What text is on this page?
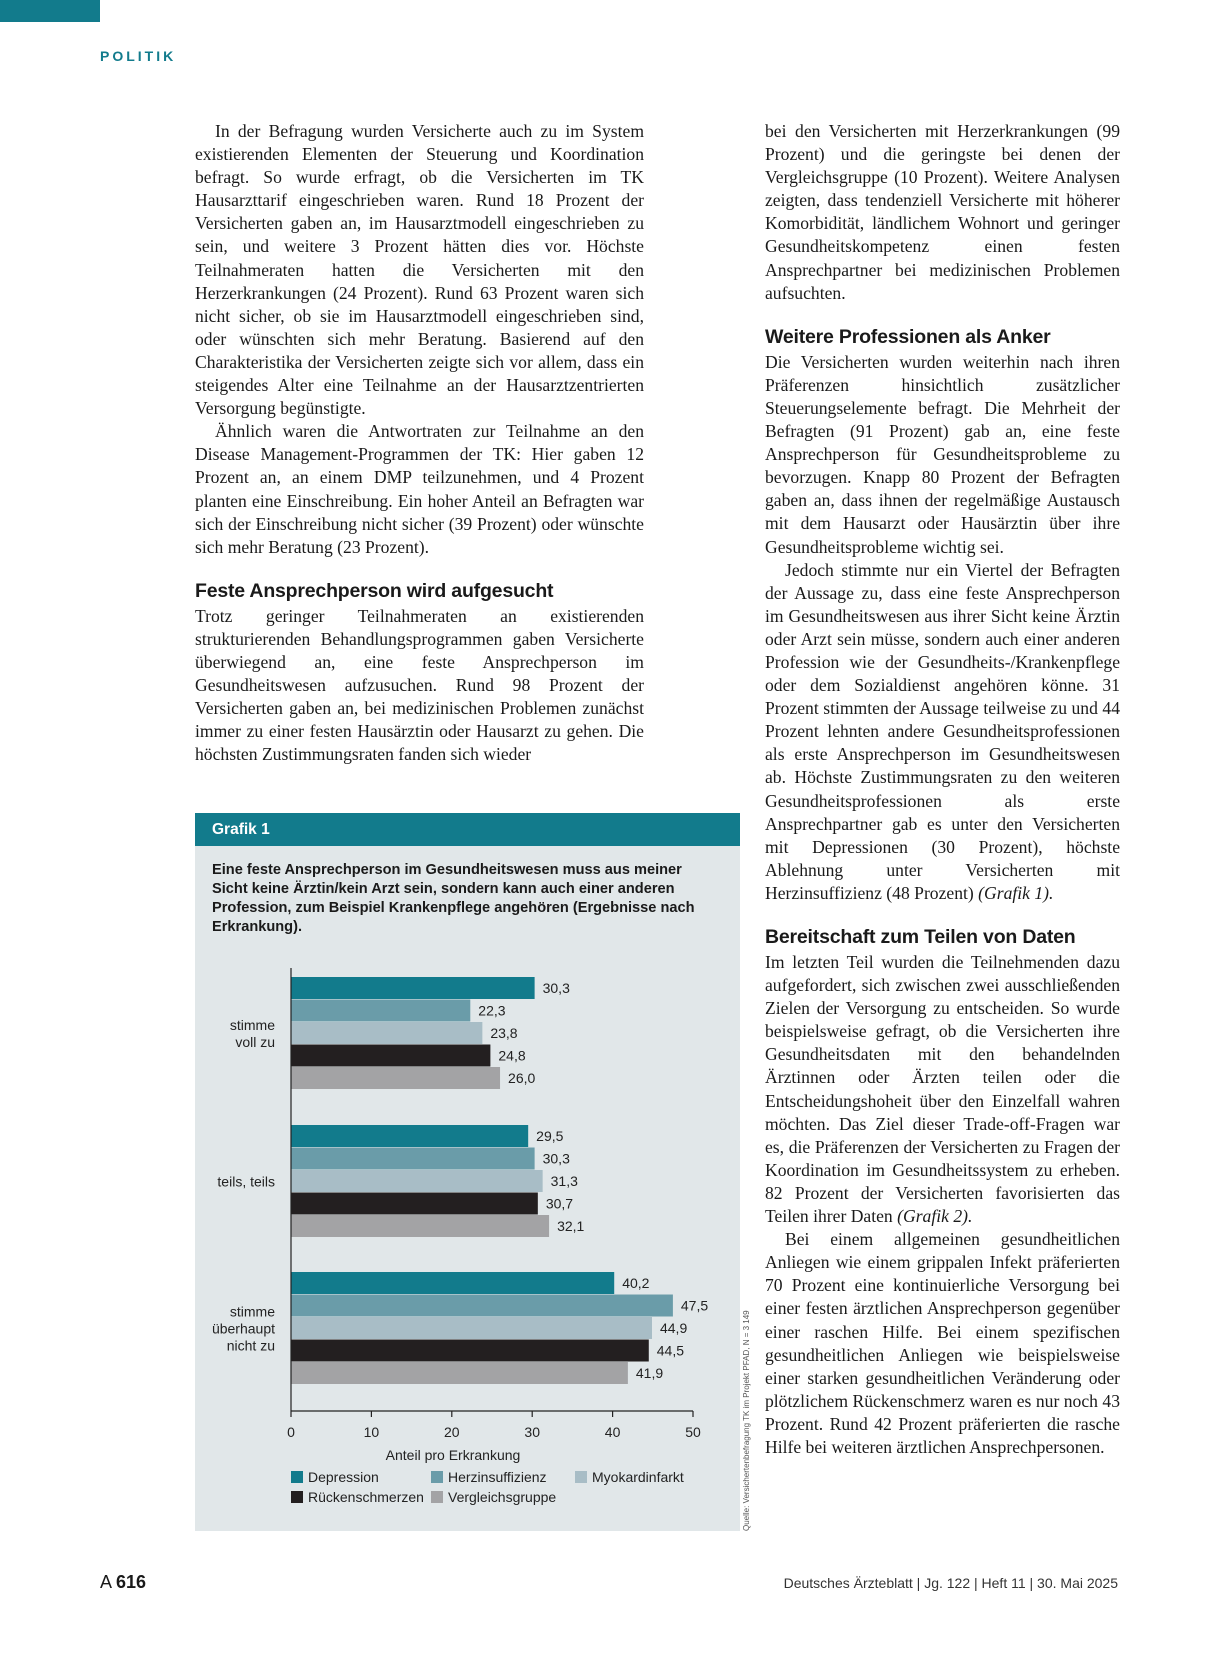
POLITIK

In der Befragung wurden Versicherte auch zu im System existierenden Elementen der Steuerung und Koordination befragt. So wurde erfragt, ob die Versicherten im TK Hausarzttarif eingeschrieben waren. Rund 18 Prozent der Versicherten gaben an, im Hausarztmodell eingeschrieben zu sein, und weitere 3 Prozent hätten dies vor. Höchste Teilnahmeraten hatten die Versicherten mit den Herzerkrankungen (24 Prozent). Rund 63 Prozent waren sich nicht sicher, ob sie im Hausarztmodell eingeschrieben sind, oder wünschten sich mehr Beratung. Basierend auf den Charakteristika der Versicherten zeigte sich vor allem, dass ein steigendes Alter eine Teilnahme an der Hausarztzentrierten Versorgung begünstigte.

Ähnlich waren die Antwortraten zur Teilnahme an den Disease Management-Programmen der TK: Hier gaben 12 Prozent an, an einem DMP teilzunehmen, und 4 Prozent planten eine Einschreibung. Ein hoher Anteil an Befragten war sich der Einschreibung nicht sicher (39 Prozent) oder wünschte sich mehr Beratung (23 Prozent).

Feste Ansprechperson wird aufgesucht

Trotz geringer Teilnahmeraten an existierenden strukturierenden Behandlungsprogrammen gaben Versicherte überwiegend an, eine feste Ansprechperson im Gesundheitswesen aufzusuchen. Rund 98 Prozent der Versicherten gaben an, bei medizinischen Problemen zunächst immer zu einer festen Hausärztin oder Hausarzt zu gehen. Die höchsten Zustimmungsraten fanden sich wieder

bei den Versicherten mit Herzerkrankungen (99 Prozent) und die geringste bei denen der Vergleichsgruppe (10 Prozent). Weitere Analysen zeigten, dass tendenziell Versicherte mit höherer Komorbidität, ländlichem Wohnort und geringer Gesundheitskompetenz einen festen Ansprechpartner bei medizinischen Problemen aufsuchten.

Weitere Professionen als Anker

Die Versicherten wurden weiterhin nach ihren Präferenzen hinsichtlich zusätzlicher Steuerungselemente befragt. Die Mehrheit der Befragten (91 Prozent) gab an, eine feste Ansprechperson für Gesundheitsprobleme zu bevorzugen. Knapp 80 Prozent der Befragten gaben an, dass ihnen der regelmäßige Austausch mit dem Hausarzt oder Hausärztin über ihre Gesundheitsprobleme wichtig sei.

Jedoch stimmte nur ein Viertel der Befragten der Aussage zu, dass eine feste Ansprechperson im Gesundheitswesen aus ihrer Sicht keine Ärztin oder Arzt sein müsse, sondern auch einer anderen Profession wie der Gesundheits-/Krankenpflege oder dem Sozialdienst angehören könne. 31 Prozent stimmten der Aussage teilweise zu und 44 Prozent lehnten andere Gesundheitsprofessionen als erste Ansprechperson im Gesundheitswesen ab. Höchste Zustimmungsraten zu den weiteren Gesundheitsprofessionen als erste Ansprechpartner gab es unter den Versicherten mit Depressionen (30 Prozent), höchste Ablehnung unter Versicherten mit Herzinsuffizienz (48 Prozent) (Grafik 1).

Bereitschaft zum Teilen von Daten

Im letzten Teil wurden die Teilnehmenden dazu aufgefordert, sich zwischen zwei ausschließenden Zielen der Versorgung zu entscheiden. So wurde beispielsweise gefragt, ob die Versicherten ihre Gesundheitsdaten mit den behandelnden Ärztinnen oder Ärzten teilen oder die Entscheidungshoheit über den Einzelfall wahren möchten. Das Ziel dieser Trade-off-Fragen war es, die Präferenzen der Versicherten zu Fragen der Koordination im Gesundheitssystem zu erheben. 82 Prozent der Versicherten favorisierten das Teilen ihrer Daten (Grafik 2).

Bei einem allgemeinen gesundheitlichen Anliegen wie einem grippalen Infekt präferierten 70 Prozent eine kontinuierliche Versorgung bei einer festen ärztlichen Ansprechperson gegenüber einer raschen Hilfe. Bei einem spezifischen gesundheitlichen Anliegen wie beispielsweise einer starken gesundheitlichen Veränderung oder plötzlichem Rückenschmerz waren es nur noch 43 Prozent. Rund 42 Prozent präferierten die rasche Hilfe bei weiteren ärztlichen Ansprechpersonen.

Grafik 1
Eine feste Ansprechperson im Gesundheitswesen muss aus meiner Sicht keine Ärztin/kein Arzt sein, sondern kann auch einer anderen Profession, zum Beispiel Krankenpflege angehören (Ergebnisse nach Erkrankung).
30,3
22,3
23,8
24,8
26,0
stimme
voll zu
29,5
30,3
31,3
30,7
32,1
teils, teils
40,2
47,5
44,9
44,5
41,9
stimme
überhaupt
nicht zu
0	10	20	30	40	50
Anteil pro Erkrankung
Depression	Herzinsuffizienz	Myokardinfarkt
Rückenschmerzen Vergleichsgruppe	Quelle: Versichertenbefragung TK im Projekt PFAD, N = 3 149
A 616	Deutsches Ärzteblatt | Jg. 122 | Heft 11 | 30. Mai 2025
